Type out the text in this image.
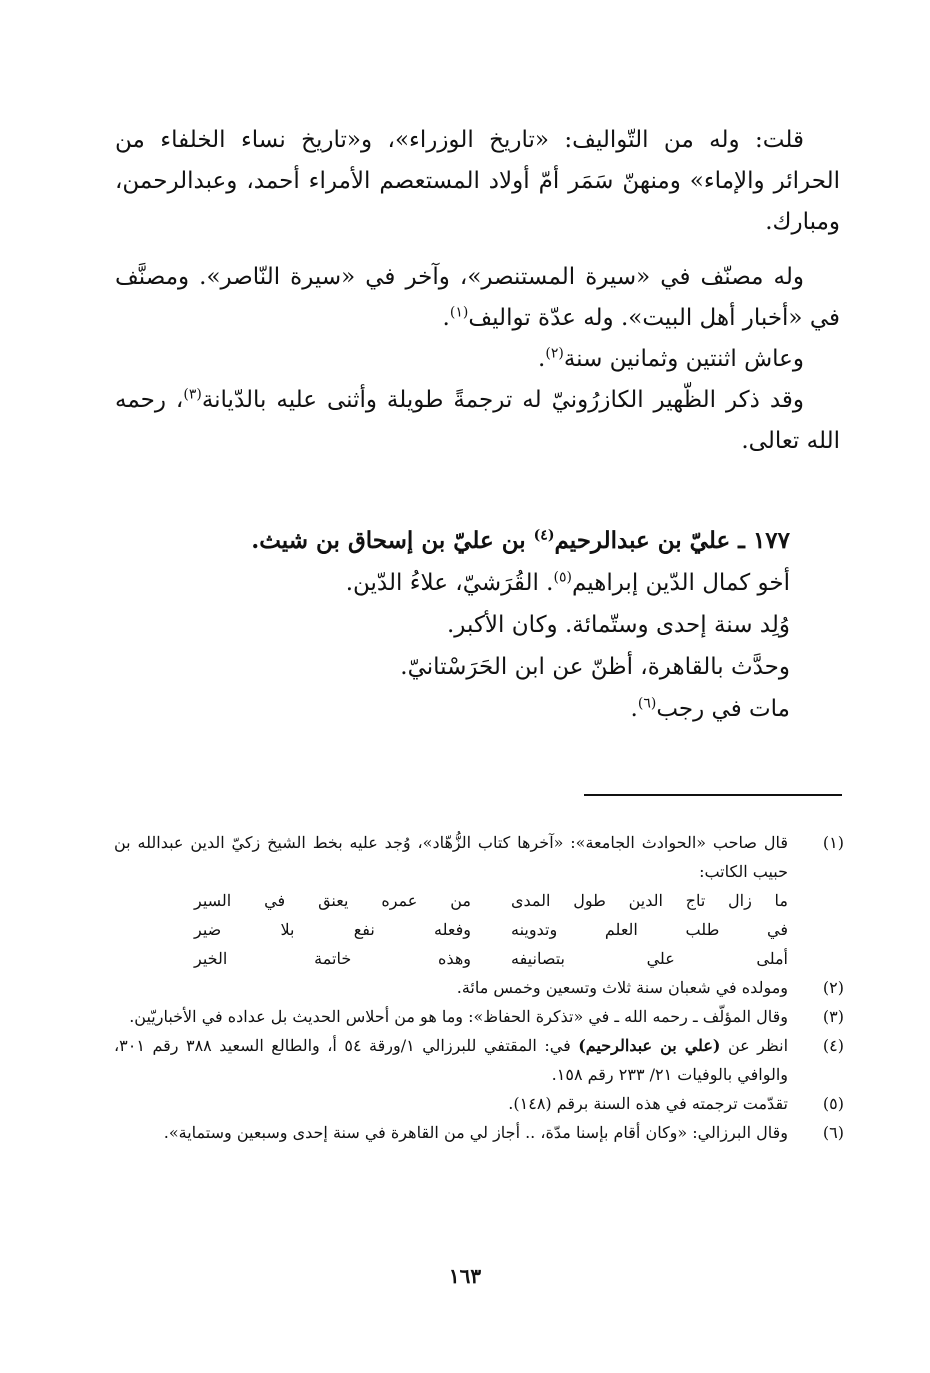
قلت: وله من التّواليف: «تاريخ الوزراء»، و«تاريخ نساء الخلفاء من الحرائر والإماء» ومنهنّ سَمَر أمّ أولاد المستعصم الأمراء أحمد، وعبدالرحمن، ومبارك.

وله مصنّف في «سيرة المستنصر»، وآخر في «سيرة النّاصر». ومصنَّف في «أخبار أهل البيت». وله عدّة تواليف$^{(١)}$.

وعاش اثنتين وثمانين سنة$^{(٢)}$.

وقد ذكر الظّهير الكازرُونيّ له ترجمةً طويلة وأثنى عليه بالدّيانة$^{(٣)}$، رحمه الله تعالى.

١٧٧ ـ عليّ بن عبدالرحيم$^{(٤)}$ بن عليّ بن إسحاق بن شيث.

أخو كمال الدّين إبراهيم$^{(٥)}$. القُرَشيّ، علاءُ الدّين.

وُلِد سنة إحدى وستّمائة. وكان الأكبر.

وحدَّث بالقاهرة، أظنّ عن ابن الحَرَسْتانيّ.

مات في رجب$^{(٦)}$.

(١)
قال صاحب «الحوادث الجامعة»: «آخرها كتاب الزُّهّاد»، وُجد عليه بخط الشيخ زكيّ الدين عبدالله بن حبيب الكاتب:
ما زال تاج الدين طول المدى
من عمره يعنق في السير
في طلب العلم وتدوينه
وفعله نفع بلا ضير
أملى علي بتصانيفه
وهذه خاتمة الخير
(٢)
ومولده في شعبان سنة ثلاث وتسعين وخمس مائة.
(٣)
وقال المؤلّف ـ رحمه الله ـ في «تذكرة الحفاظ»: وما هو من أحلاس الحديث بل عداده في الأخباريّين.
(٤)
انظر عن (علي بن عبدالرحيم) في: المقتفي للبرزالي ١/ورقة ٥٤ أ، والطالع السعيد ٣٨٨ رقم ٣٠١، والوافي بالوفيات ٢١/ ٢٣٣ رقم ١٥٨.
(٥)
تقدّمت ترجمته في هذه السنة برقم (١٤٨).
(٦)
وقال البرزالي: «وكان أقام بإسنا مدّة، .. أجاز لي من القاهرة في سنة إحدى وسبعين وستماية».
١٦٣
